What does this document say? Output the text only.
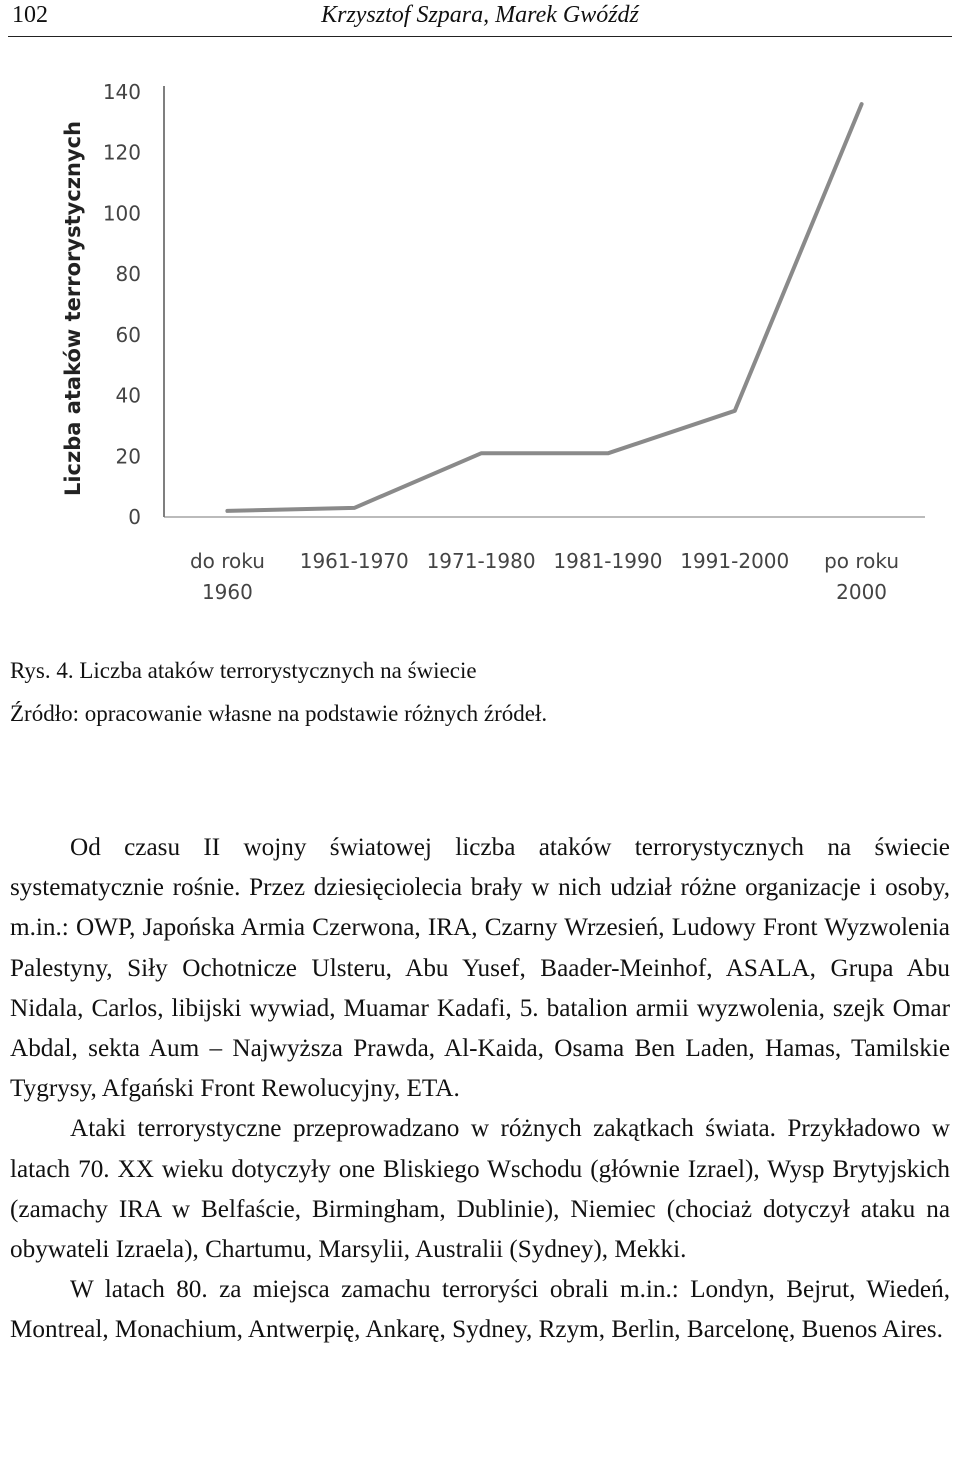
102	Krzysztof Szpara, Marek Gwóźdź
0
20
40
60
80
100
120
140
Liczba ataków terrorystycznych
do roku
1960
1961-1970 1971-1980 1981-1990 1991-2000 po roku
2000
Rys. 4. Liczba ataków terrorystycznych na świecie
Źródło: opracowanie własne na podstawie różnych źródeł.

Od czasu II wojny światowej liczba ataków terrorystycznych na świecie systematycznie rośnie. Przez dziesięciolecia brały w nich udział różne organizacje i osoby, m.in.: OWP, Japońska Armia Czerwona, IRA, Czarny Wrzesień, Ludowy Front Wyzwolenia Palestyny, Siły Ochotnicze Ulsteru, Abu Yusef, Baader-Meinhof, ASALA, Grupa Abu Nidala, Carlos, libijski wywiad, Muamar Kadafi, 5. batalion armii wyzwolenia, szejk Omar Abdal, sekta Aum – Najwyższa Prawda, Al-Kaida, Osama Ben Laden, Hamas, Tamilskie Tygrysy, Afgański Front Rewolucyjny, ETA.

Ataki terrorystyczne przeprowadzano w różnych zakątkach świata. Przykładowo w latach 70. XX wieku dotyczyły one Bliskiego Wschodu (głównie Izrael), Wysp Brytyjskich (zamachy IRA w Belfaście, Birmingham, Dublinie), Niemiec (chociaż dotyczył ataku na obywateli Izraela), Chartumu, Marsylii, Australii (Sydney), Mekki.

W latach 80. za miejsca zamachu terroryści obrali m.in.: Londyn, Bejrut, Wiedeń, Montreal, Monachium, Antwerpię, Ankarę, Sydney, Rzym, Berlin, Barcelonę, Buenos Aires.
